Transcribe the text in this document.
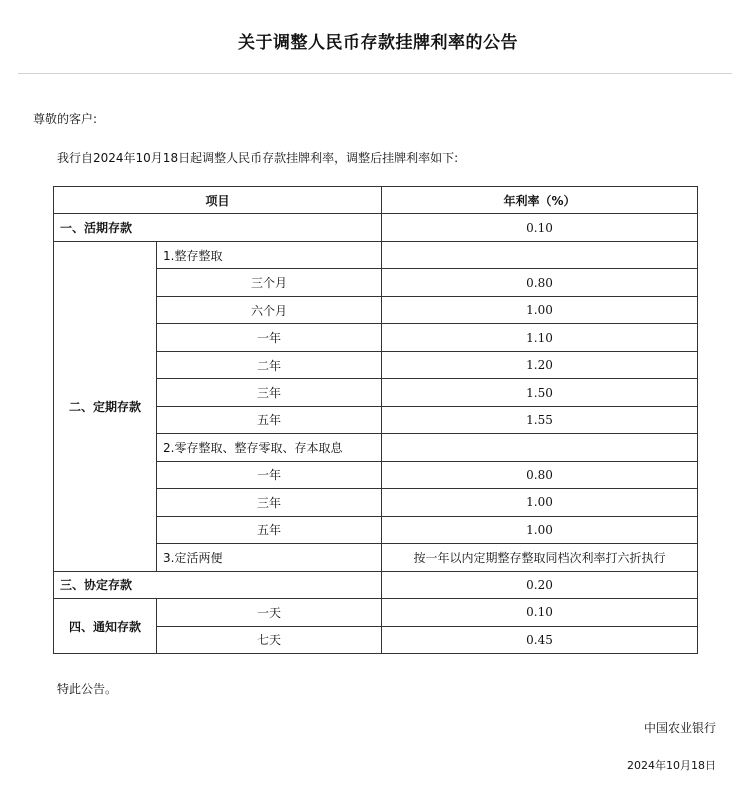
关于调整人民币存款挂牌利率的公告
尊敬的客户:
我行自2024年10月18日起调整人民币存款挂牌利率，调整后挂牌利率如下:
项目		年利率（%）
一、活期存款		0.10
二、定期存款	1.整存整取	
	三个月	0.80
	六个月	1.00
	一年	1.10
	二年	1.20
	三年	1.50
	五年	1.55
	2.零存整取、整存零取、存本取息	
	一年	0.80
	三年	1.00
	五年	1.00
	3.定活两便	按一年以内定期整存整取同档次利率打六折执行
三、协定存款		0.20
四、通知存款	一天	0.10
	七天	0.45
特此公告。
中国农业银行
2024年10月18日
